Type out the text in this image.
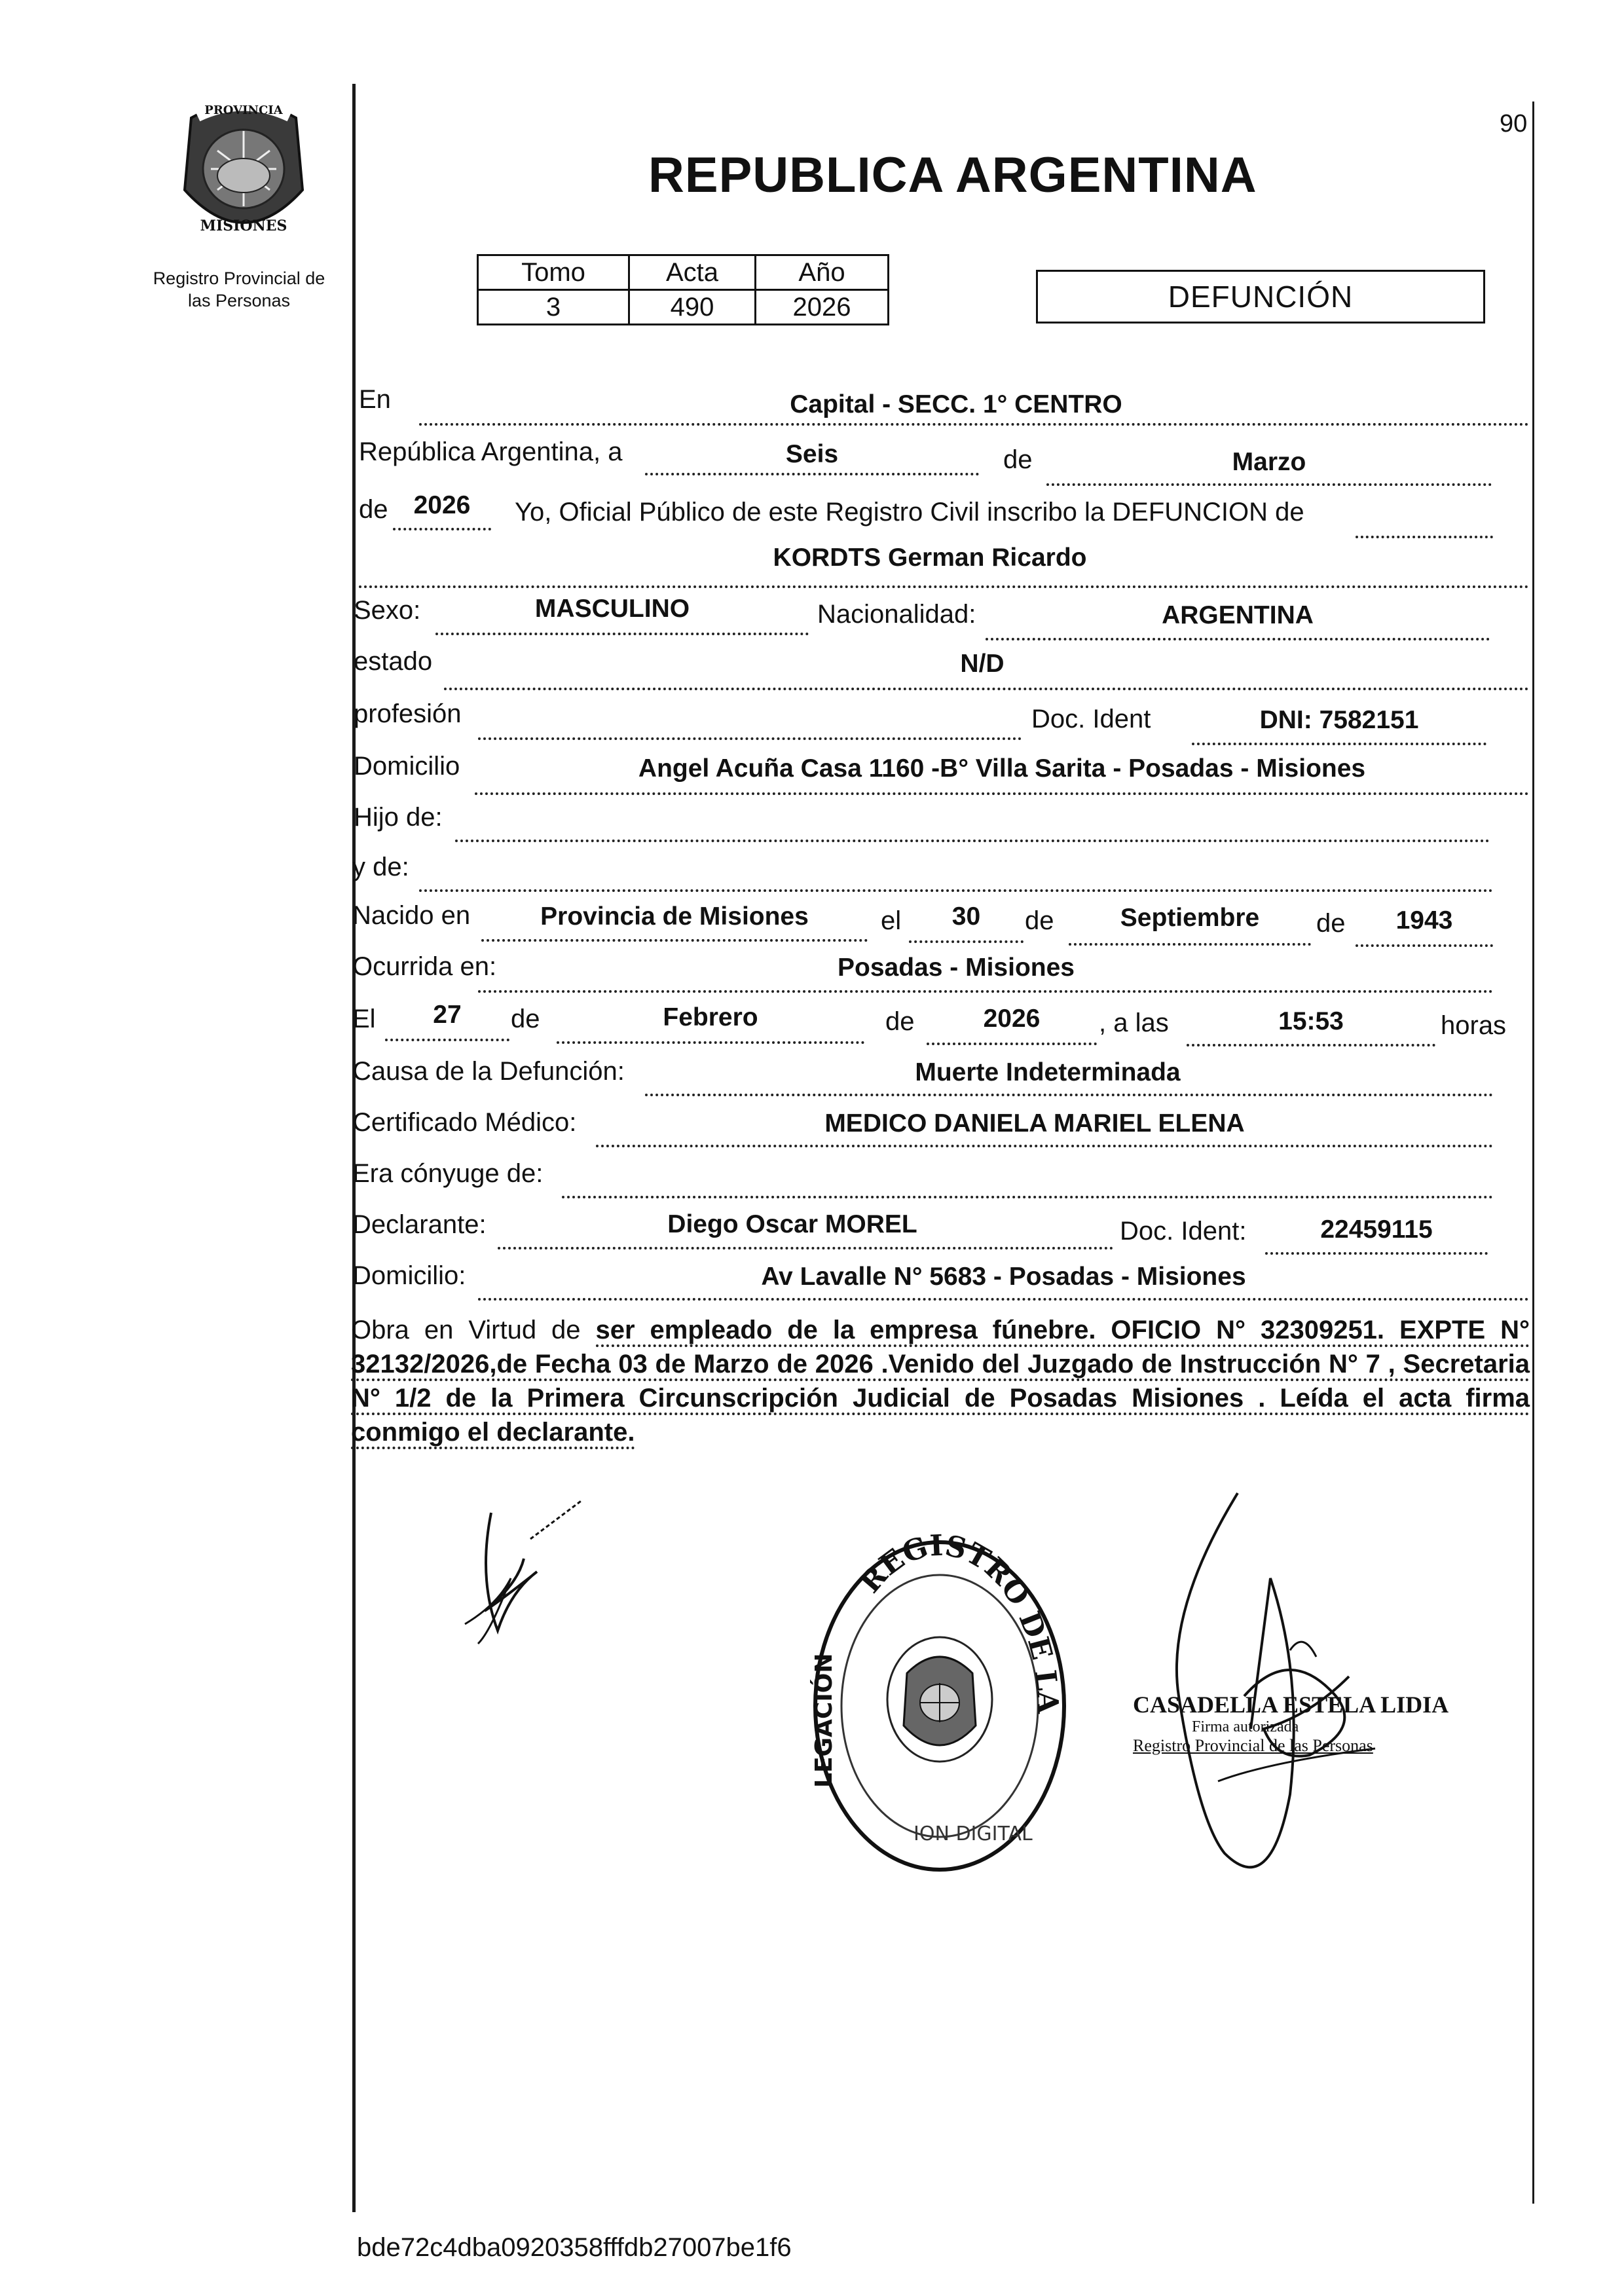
90
PROVINCIA
MISIONES
Registro Provincial de
las Personas
REPUBLICA ARGENTINA
Tomo	Acta	Año
3	490	2026	DEFUNCIÓN
En	Capital - SECC. 1° CENTRO
República Argentina, a	Seis	de	Marzo
de	2026	Yo, Oficial Público de este Registro Civil inscribo la DEFUNCION de
KORDTS German Ricardo
Sexo:	MASCULINO	Nacionalidad:	ARGENTINA
estado	N/D
profesión	Doc. Ident	DNI: 7582151
Domicilio	Angel Acuña Casa 1160 -B° Villa Sarita - Posadas - Misiones
Hijo de:
y de:
Nacido en	Provincia de Misiones	el	30	de	Septiembre	de	1943
Ocurrida en:	Posadas - Misiones
El	27	de	Febrero	de	2026	, a las	15:53	horas
Causa de la Defunción:	Muerte Indeterminada
Certificado Médico:	MEDICO DANIELA MARIEL ELENA
Era cónyuge de:
Declarante:	Diego Oscar MOREL	Doc. Ident:	22459115
Domicilio:	Av Lavalle N° 5683 - Posadas - Misiones
Obra en Virtud de ser empleado de la empresa fúnebre. OFICIO N° 32309251. EXPTE N° 32132/2026,de Fecha 03 de Marzo de 2026 .Venido del Juzgado de Instrucción N° 7 , Secretaria N° 1/2 de la Primera Circunscripción Judicial de Posadas Misiones . Leída el acta firma conmigo el declarante.
REGISTRO DE LA
LEGACIÓN
ION DIGITAL
CASADELLA ESTELA LIDIA
Firma autorizada
Registro Provincial de las Personas
bde72c4dba0920358fffdb27007be1f6
